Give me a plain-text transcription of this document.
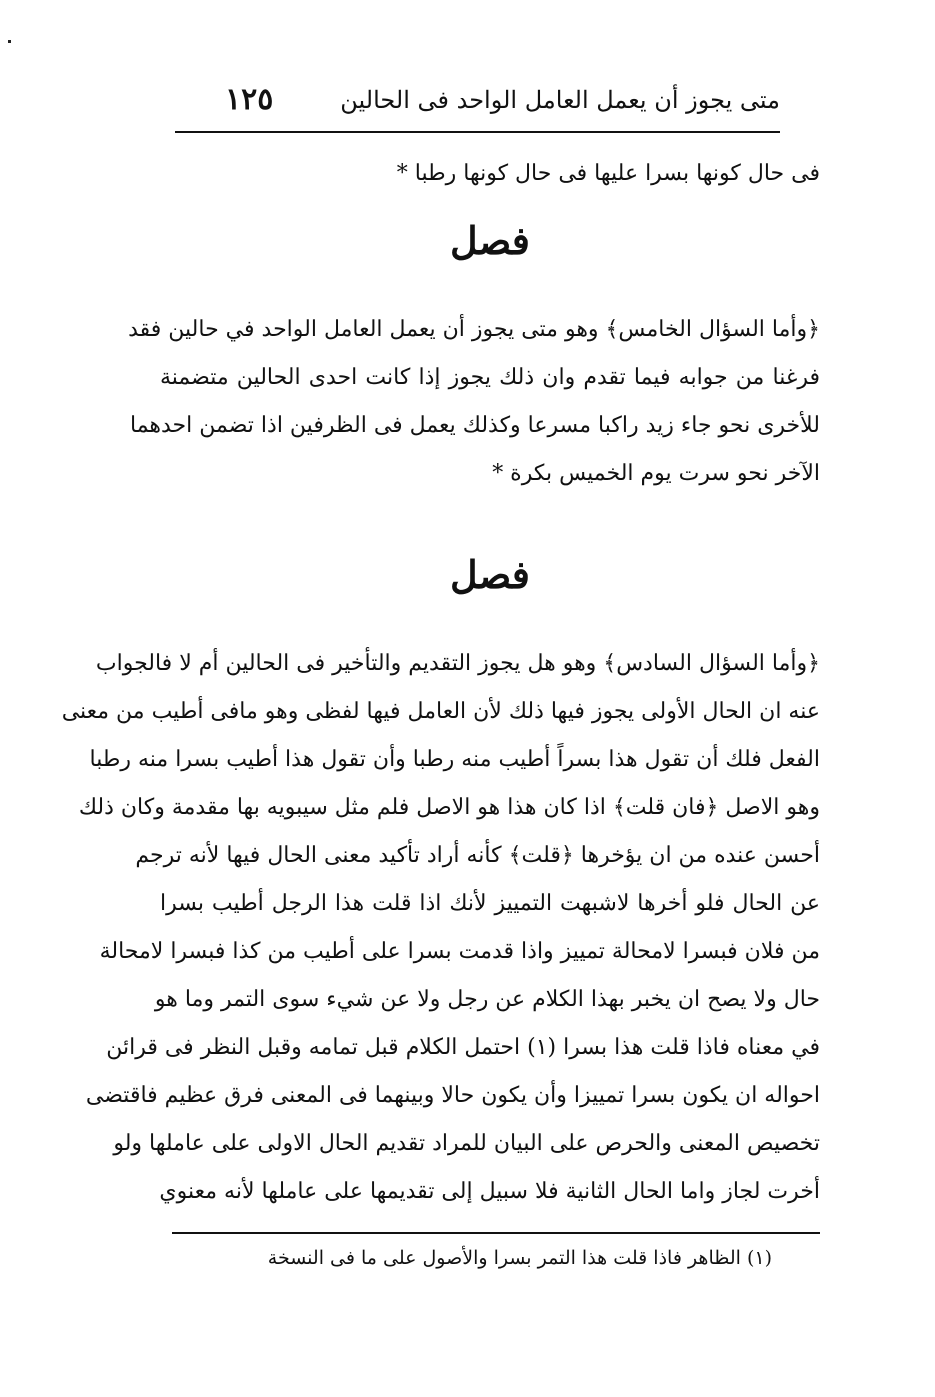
متى يجوز أن يعمل العامل الواحد فى الحالين
١٢٥
فى حال كونها بسرا عليها فى حال كونها رطبا *
فصل
﴿وأما السؤال الخامس﴾ وهو متى يجوز أن يعمل العامل الواحد في حالين فقد
فرغنا من جوابه فيما تقدم وان ذلك يجوز إذا كانت احدى الحالين متضمنة
للأخرى نحو جاء زيد راكبا مسرعا وكذلك يعمل فى الظرفين اذا تضمن احدهما
الآخر نحو سرت يوم الخميس بكرة *
فصل
﴿وأما السؤال السادس﴾ وهو هل يجوز التقديم والتأخير فى الحالين أم لا فالجواب
عنه ان الحال الأولى يجوز فيها ذلك لأن العامل فيها لفظى وهو مافى أطيب من معنى
الفعل فلك أن تقول هذا بسراً أطيب منه رطبا وأن تقول هذا أطيب بسرا منه رطبا
وهو الاصل ﴿فان قلت﴾ اذا كان هذا هو الاصل فلم مثل سيبويه بها مقدمة وكان ذلك
أحسن عنده من ان يؤخرها ﴿قلت﴾ كأنه أراد تأكيد معنى الحال فيها لأنه ترجم
عن الحال فلو أخرها لاشبهت التمييز لأنك اذا قلت هذا الرجل أطيب بسرا
من فلان فبسرا لامحالة تمييز واذا قدمت بسرا على أطيب من كذا فبسرا لامحالة
حال ولا يصح ان يخبر بهذا الكلام عن رجل ولا عن شيء سوى التمر وما هو
في معناه فاذا قلت هذا بسرا (١) احتمل الكلام قبل تمامه وقبل النظر فى قرائن
احواله ان يكون بسرا تمييزا وأن يكون حالا وبينهما فى المعنى فرق عظيم فاقتضى
تخصيص المعنى والحرص على البيان للمراد تقديم الحال الاولى على عاملها ولو
أخرت لجاز واما الحال الثانية فلا سبيل إلى تقديمها على عاملها لأنه معنوي
(١) الظاهر فاذا قلت هذا التمر بسرا والأصول على ما فى النسخة
